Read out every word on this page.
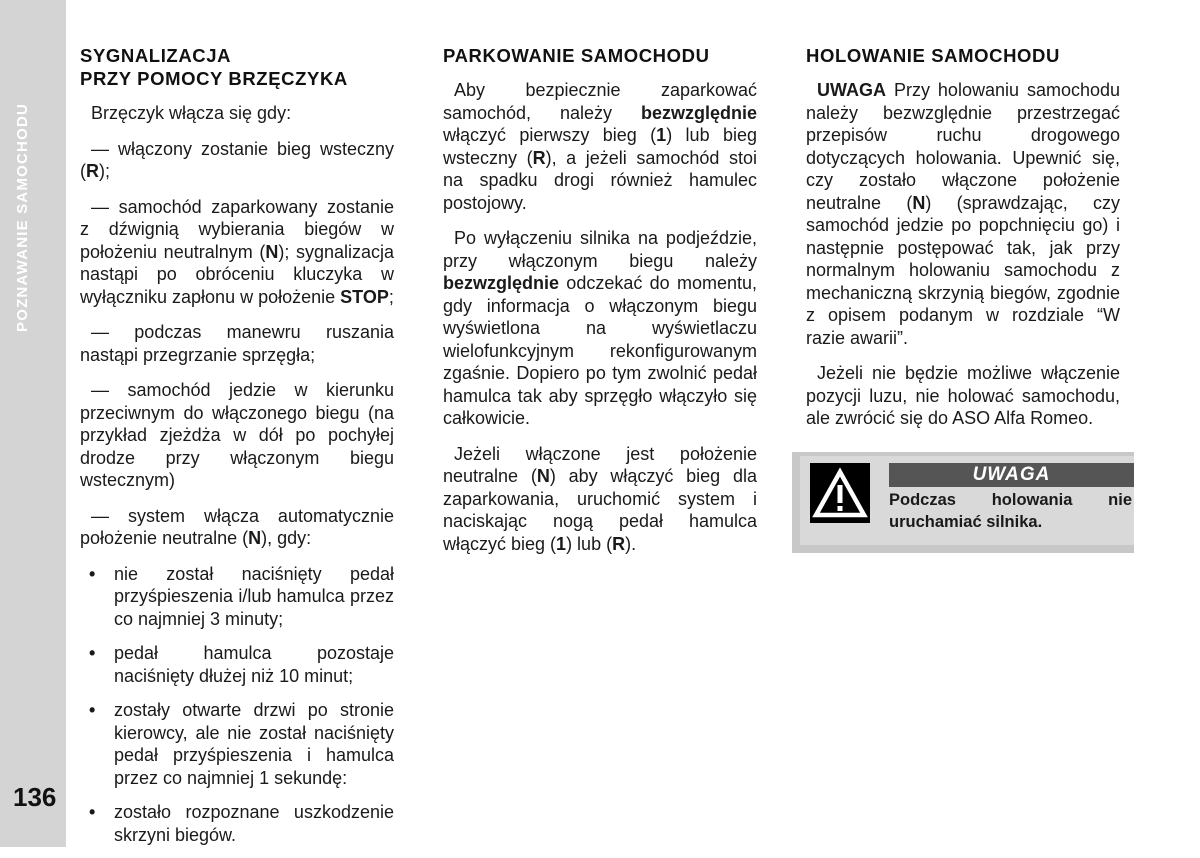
POZNAWANIE SAMOCHODU
136
SYGNALIZACJA
PRZY POMOCY BRZĘCZYKA

Brzęczyk włącza się gdy:

— włączony zostanie bieg wsteczny (R);

— samochód zaparkowany zostanie z dźwignią wybierania biegów w położeniu neutralnym (N); sygnalizacja nastąpi po obróceniu kluczyka w wyłączniku zapłonu w położenie STOP;

— podczas manewru ruszania nastąpi przegrzanie sprzęgła;

— samochód jedzie w kierunku przeciwnym do włączonego biegu (na przykład zjeżdża w dół po pochyłej drodze przy włączonym biegu wstecznym)

— system włącza automatycznie położenie neutralne (N), gdy:

• nie został naciśnięty pedał przyśpieszenia i/lub hamulca przez co najmniej 3 minuty;
• pedał hamulca pozostaje naciśnięty dłużej niż 10 minut;
• zostały otwarte drzwi po stronie kierowcy, ale nie został naciśnięty pedał przyśpieszenia i hamulca przez co najmniej 1 sekundę:
• zostało rozpoznane uszkodzenie skrzyni biegów.
PARKOWANIE SAMOCHODU

Aby bezpiecznie zaparkować samochód, należy bezwzględnie włączyć pierwszy bieg (1) lub bieg wsteczny (R), a jeżeli samochód stoi na spadku drogi również hamulec postojowy.

Po wyłączeniu silnika na podjeździe, przy włączonym biegu należy bezwzględnie odczekać do momentu, gdy informacja o włączonym biegu wyświetlona na wyświetlaczu wielofunkcyjnym rekonfigurowanym zgaśnie. Dopiero po tym zwolnić pedał hamulca tak aby sprzęgło włączyło się całkowicie.

Jeżeli włączone jest położenie neutralne (N) aby włączyć bieg dla zaparkowania, uruchomić system i naciskając nogą pedał hamulca włączyć bieg (1) lub (R).

HOLOWANIE SAMOCHODU

UWAGA Przy holowaniu samochodu należy bezwzględnie przestrzegać przepisów ruchu drogowego dotyczących holowania. Upewnić się, czy zostało włączone położenie neutralne (N) (sprawdzając, czy samochód jedzie po popchnięciu go) i następnie postępować tak, jak przy normalnym holowaniu samochodu z mechaniczną skrzynią biegów, zgodnie z opisem podanym w rozdziale “W razie awarii”.

Jeżeli nie będzie możliwe włączenie pozycji luzu, nie holować samochodu, ale zwrócić się do ASO Alfa Romeo.

UWAGA
Podczas holowania nie uruchamiać silnika.
